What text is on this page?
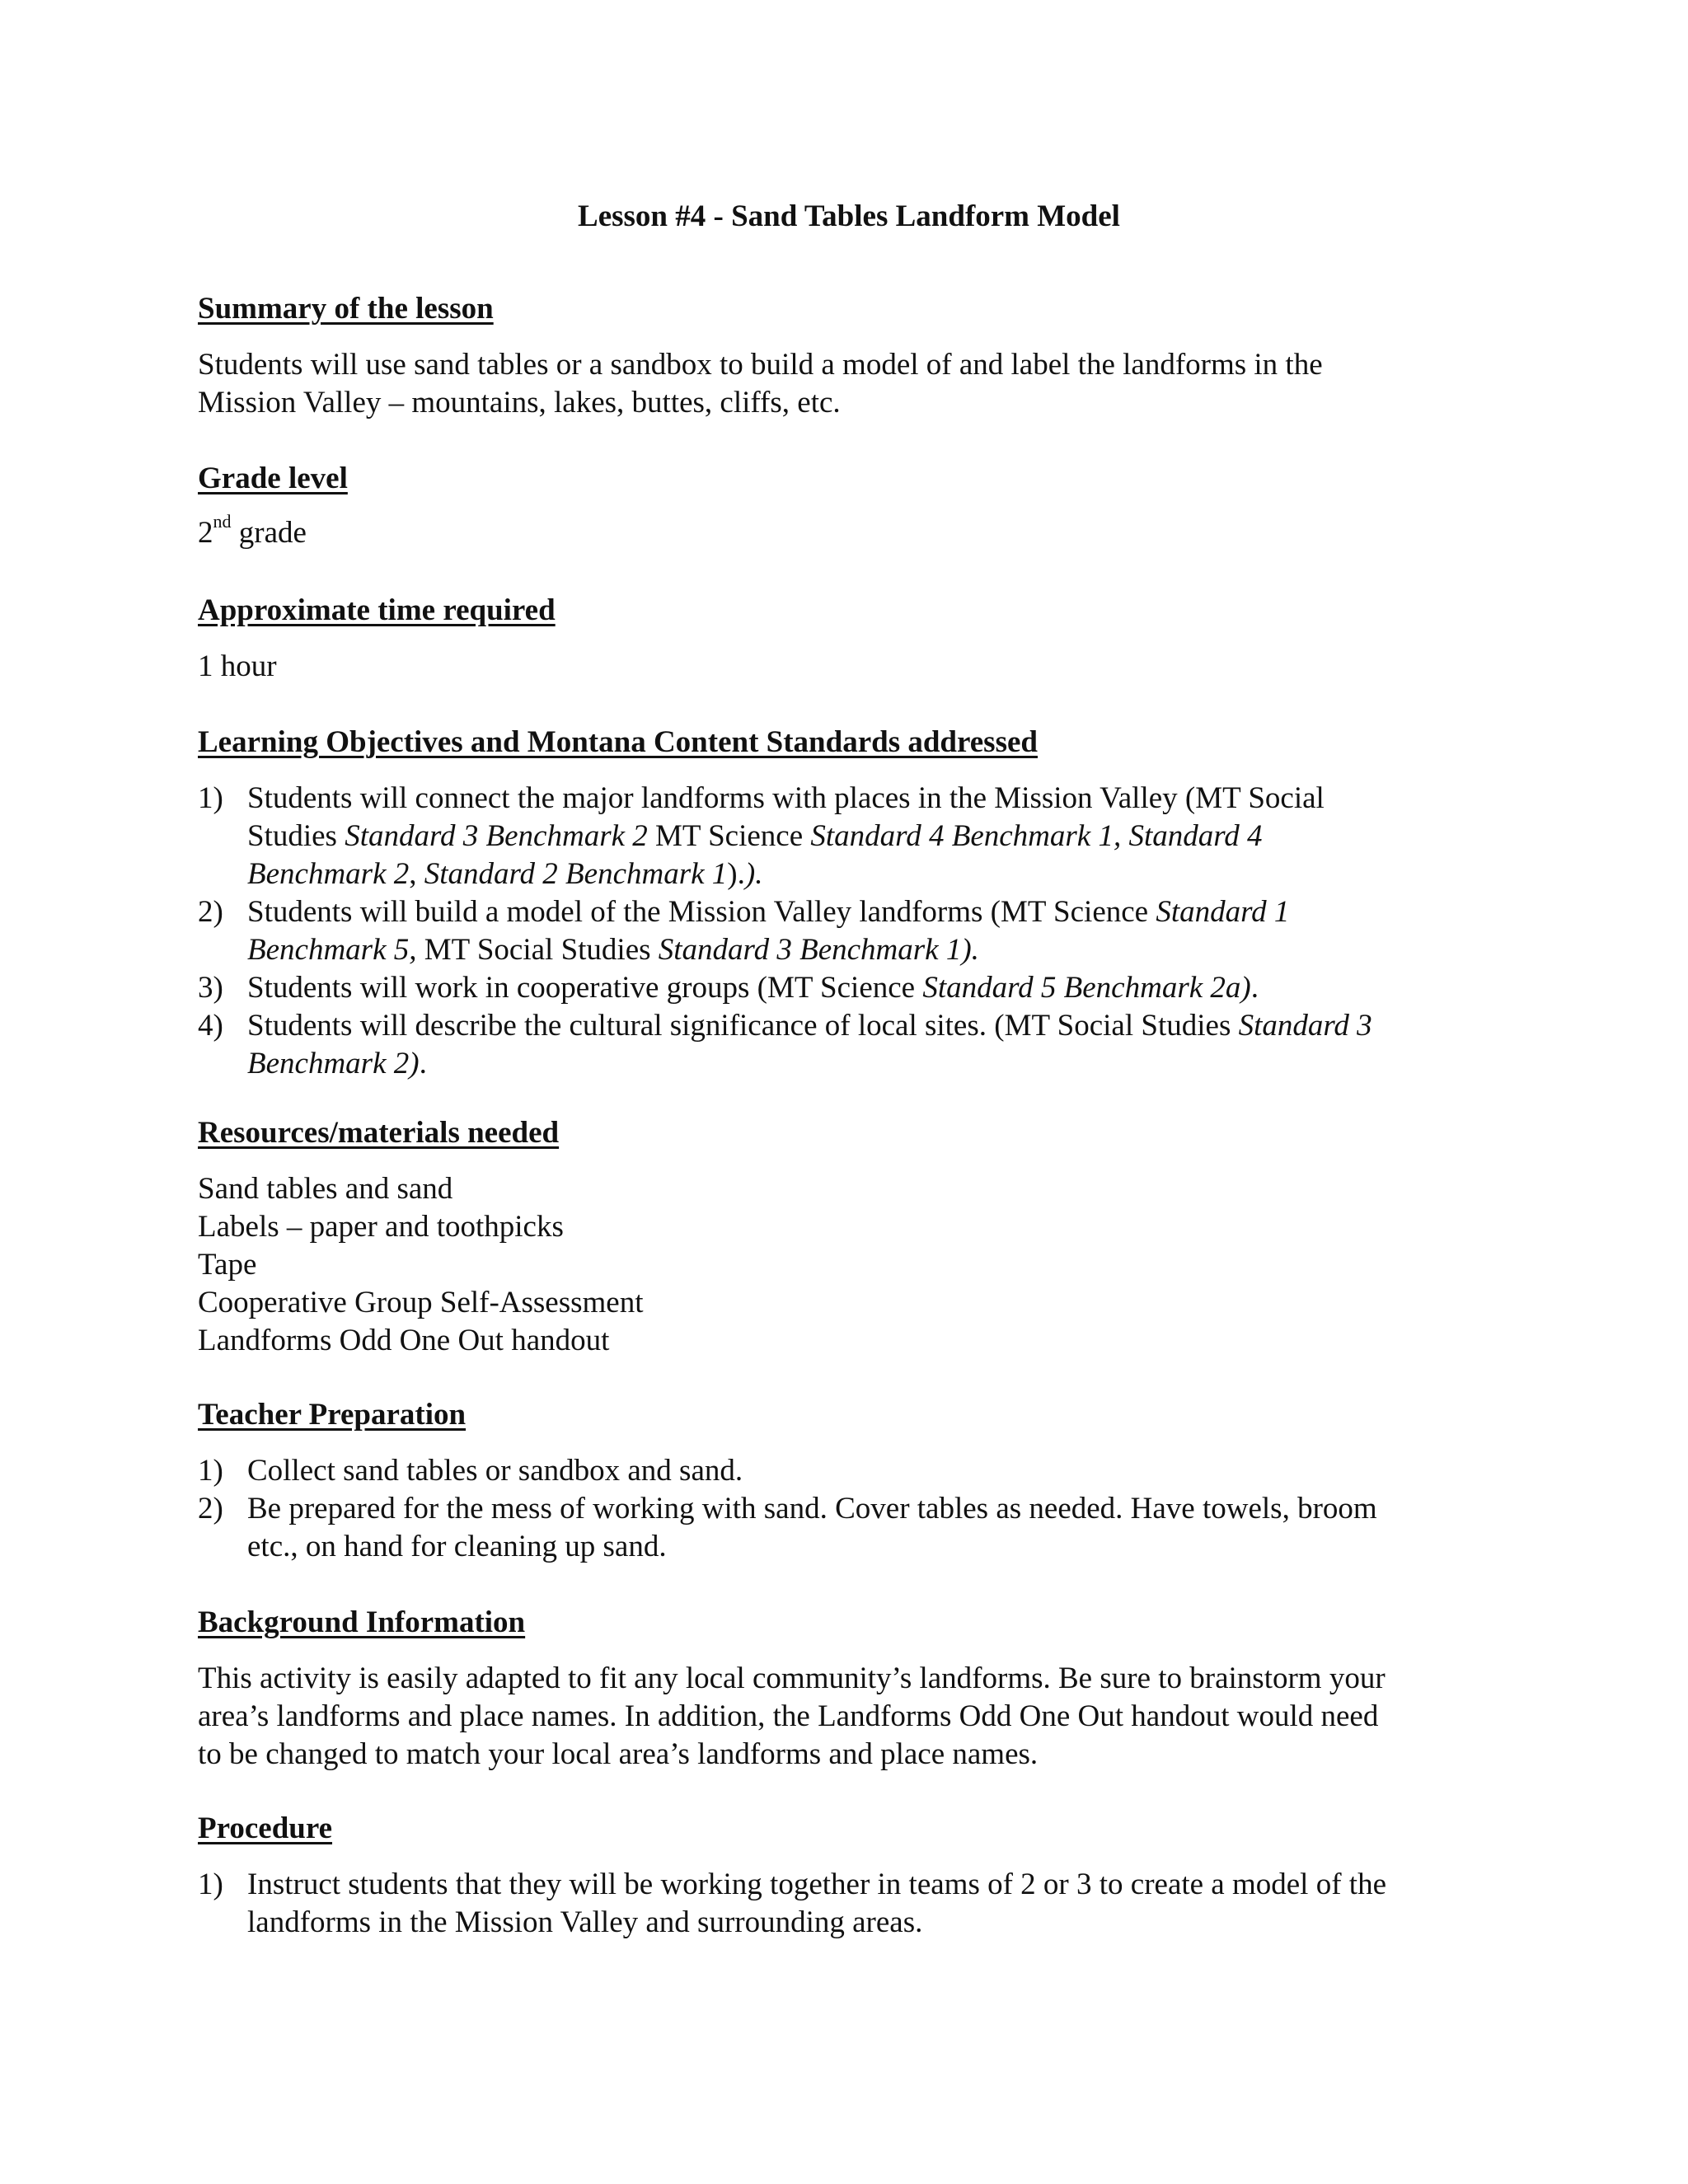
Lesson #4 - Sand Tables Landform Model
Summary of the lesson
Students will use sand tables or a sandbox to build a model of and label the landforms in the
Mission Valley – mountains, lakes, buttes, cliffs, etc.
Grade level
2nd grade
Approximate time required
1 hour
Learning Objectives and Montana Content Standards addressed
1) Students will connect the major landforms with places in the Mission Valley (MT Social
Studies Standard 3 Benchmark 2 MT Science Standard 4 Benchmark 1, Standard 4
Benchmark 2, Standard 2 Benchmark 1).).
2) Students will build a model of the Mission Valley landforms (MT Science Standard 1
Benchmark 5, MT Social Studies Standard 3 Benchmark 1).
3) Students will work in cooperative groups (MT Science Standard 5 Benchmark 2a).
4) Students will describe the cultural significance of local sites. (MT Social Studies Standard 3
Benchmark 2).
Resources/materials needed
Sand tables and sand
Labels – paper and toothpicks
Tape
Cooperative Group Self-Assessment
Landforms Odd One Out handout
Teacher Preparation
1) Collect sand tables or sandbox and sand.
2) Be prepared for the mess of working with sand. Cover tables as needed. Have towels, broom
etc., on hand for cleaning up sand.
Background Information
This activity is easily adapted to fit any local community’s landforms. Be sure to brainstorm your
area’s landforms and place names. In addition, the Landforms Odd One Out handout would need
to be changed to match your local area’s landforms and place names.
Procedure
1) Instruct students that they will be working together in teams of 2 or 3 to create a model of the
landforms in the Mission Valley and surrounding areas.
